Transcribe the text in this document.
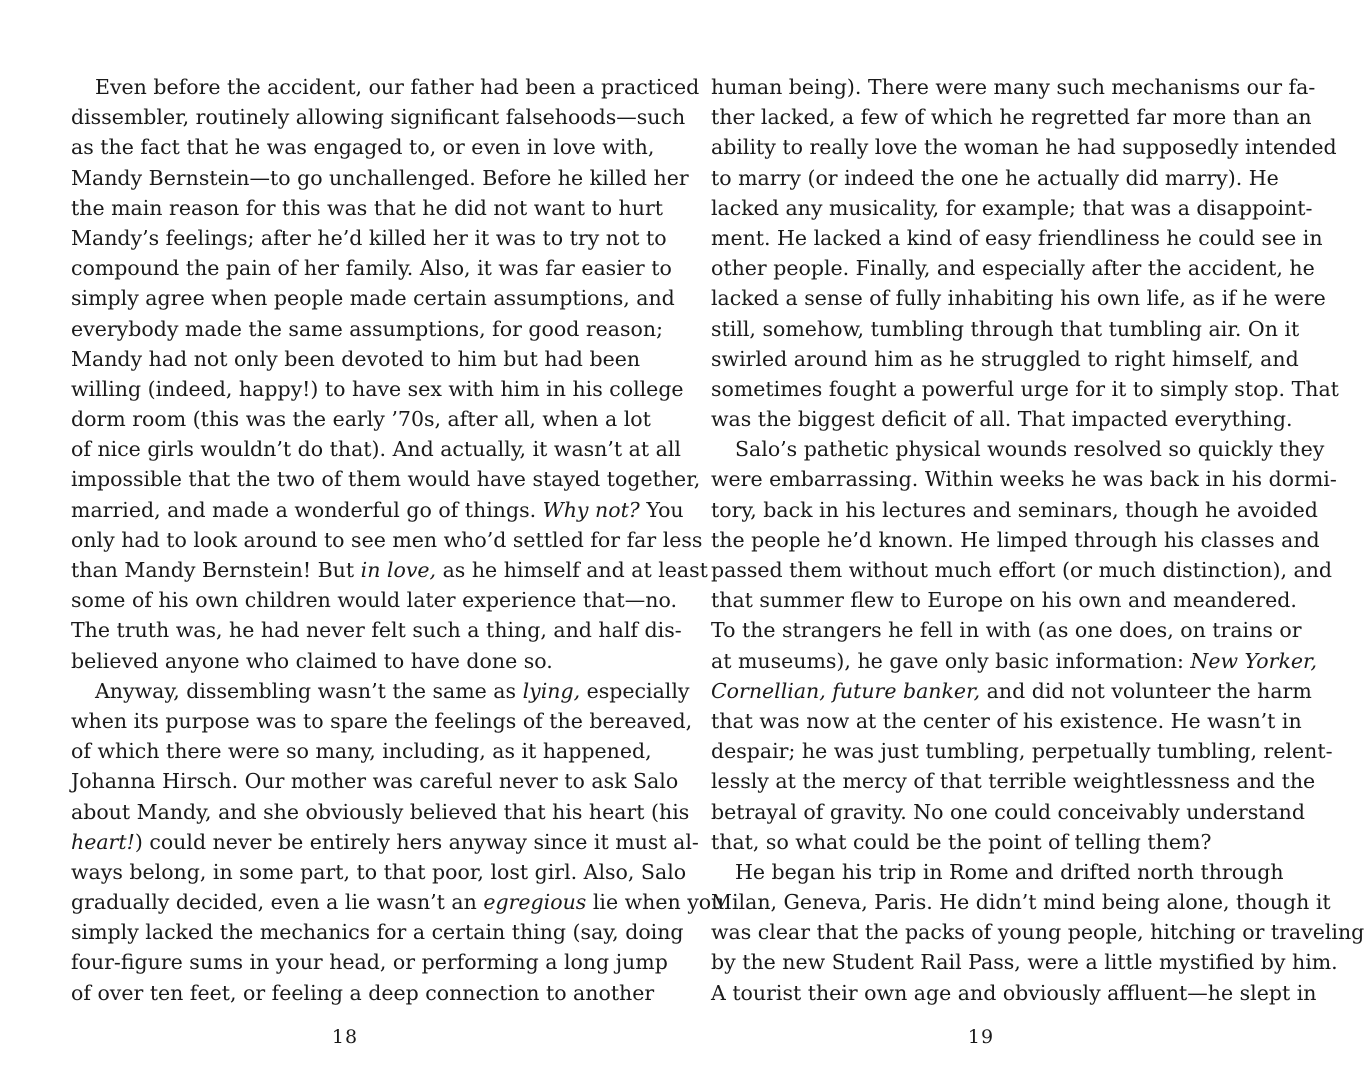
Even before the accident, our father had been a practiced
dissembler, routinely allowing significant falsehoods—such
as the fact that he was engaged to, or even in love with,
Mandy Bernstein—to go unchallenged. Before he killed her
the main reason for this was that he did not want to hurt
Mandy’s feelings; after he’d killed her it was to try not to
compound the pain of her family. Also, it was far easier to
simply agree when people made certain assumptions, and
everybody made the same assumptions, for good reason;
Mandy had not only been devoted to him but had been
willing (indeed, happy!) to have sex with him in his college
dorm room (this was the early ’70s, after all, when a lot
of nice girls wouldn’t do that). And actually, it wasn’t at all
impossible that the two of them would have stayed together,
married, and made a wonderful go of things. Why not? You
only had to look around to see men who’d settled for far less
than Mandy Bernstein! But in love, as he himself and at least
some of his own children would later experience that—no.
The truth was, he had never felt such a thing, and half dis-
believed anyone who claimed to have done so.
Anyway, dissembling wasn’t the same as lying, especially
when its purpose was to spare the feelings of the bereaved,
of which there were so many, including, as it happened,
Johanna Hirsch. Our mother was careful never to ask Salo
about Mandy, and she obviously believed that his heart (his
heart!) could never be entirely hers anyway since it must al-
ways belong, in some part, to that poor, lost girl. Also, Salo
gradually decided, even a lie wasn’t an egregious lie when you
simply lacked the mechanics for a certain thing (say, doing
four-figure sums in your head, or performing a long jump
of over ten feet, or feeling a deep connection to another
18
human being). There were many such mechanisms our fa-
ther lacked, a few of which he regretted far more than an
ability to really love the woman he had supposedly intended
to marry (or indeed the one he actually did marry). He
lacked any musicality, for example; that was a disappoint-
ment. He lacked a kind of easy friendliness he could see in
other people. Finally, and especially after the accident, he
lacked a sense of fully inhabiting his own life, as if he were
still, somehow, tumbling through that tumbling air. On it
swirled around him as he struggled to right himself, and
sometimes fought a powerful urge for it to simply stop. That
was the biggest deficit of all. That impacted everything.
Salo’s pathetic physical wounds resolved so quickly they
were embarrassing. Within weeks he was back in his dormi-
tory, back in his lectures and seminars, though he avoided
the people he’d known. He limped through his classes and
passed them without much effort (or much distinction), and
that summer flew to Europe on his own and meandered.
To the strangers he fell in with (as one does, on trains or
at museums), he gave only basic information: New Yorker,
Cornellian, future banker, and did not volunteer the harm
that was now at the center of his existence. He wasn’t in
despair; he was just tumbling, perpetually tumbling, relent-
lessly at the mercy of that terrible weightlessness and the
betrayal of gravity. No one could conceivably understand
that, so what could be the point of telling them?
He began his trip in Rome and drifted north through
Milan, Geneva, Paris. He didn’t mind being alone, though it
was clear that the packs of young people, hitching or traveling
by the new Student Rail Pass, were a little mystified by him.
A tourist their own age and obviously affluent—he slept in
19
